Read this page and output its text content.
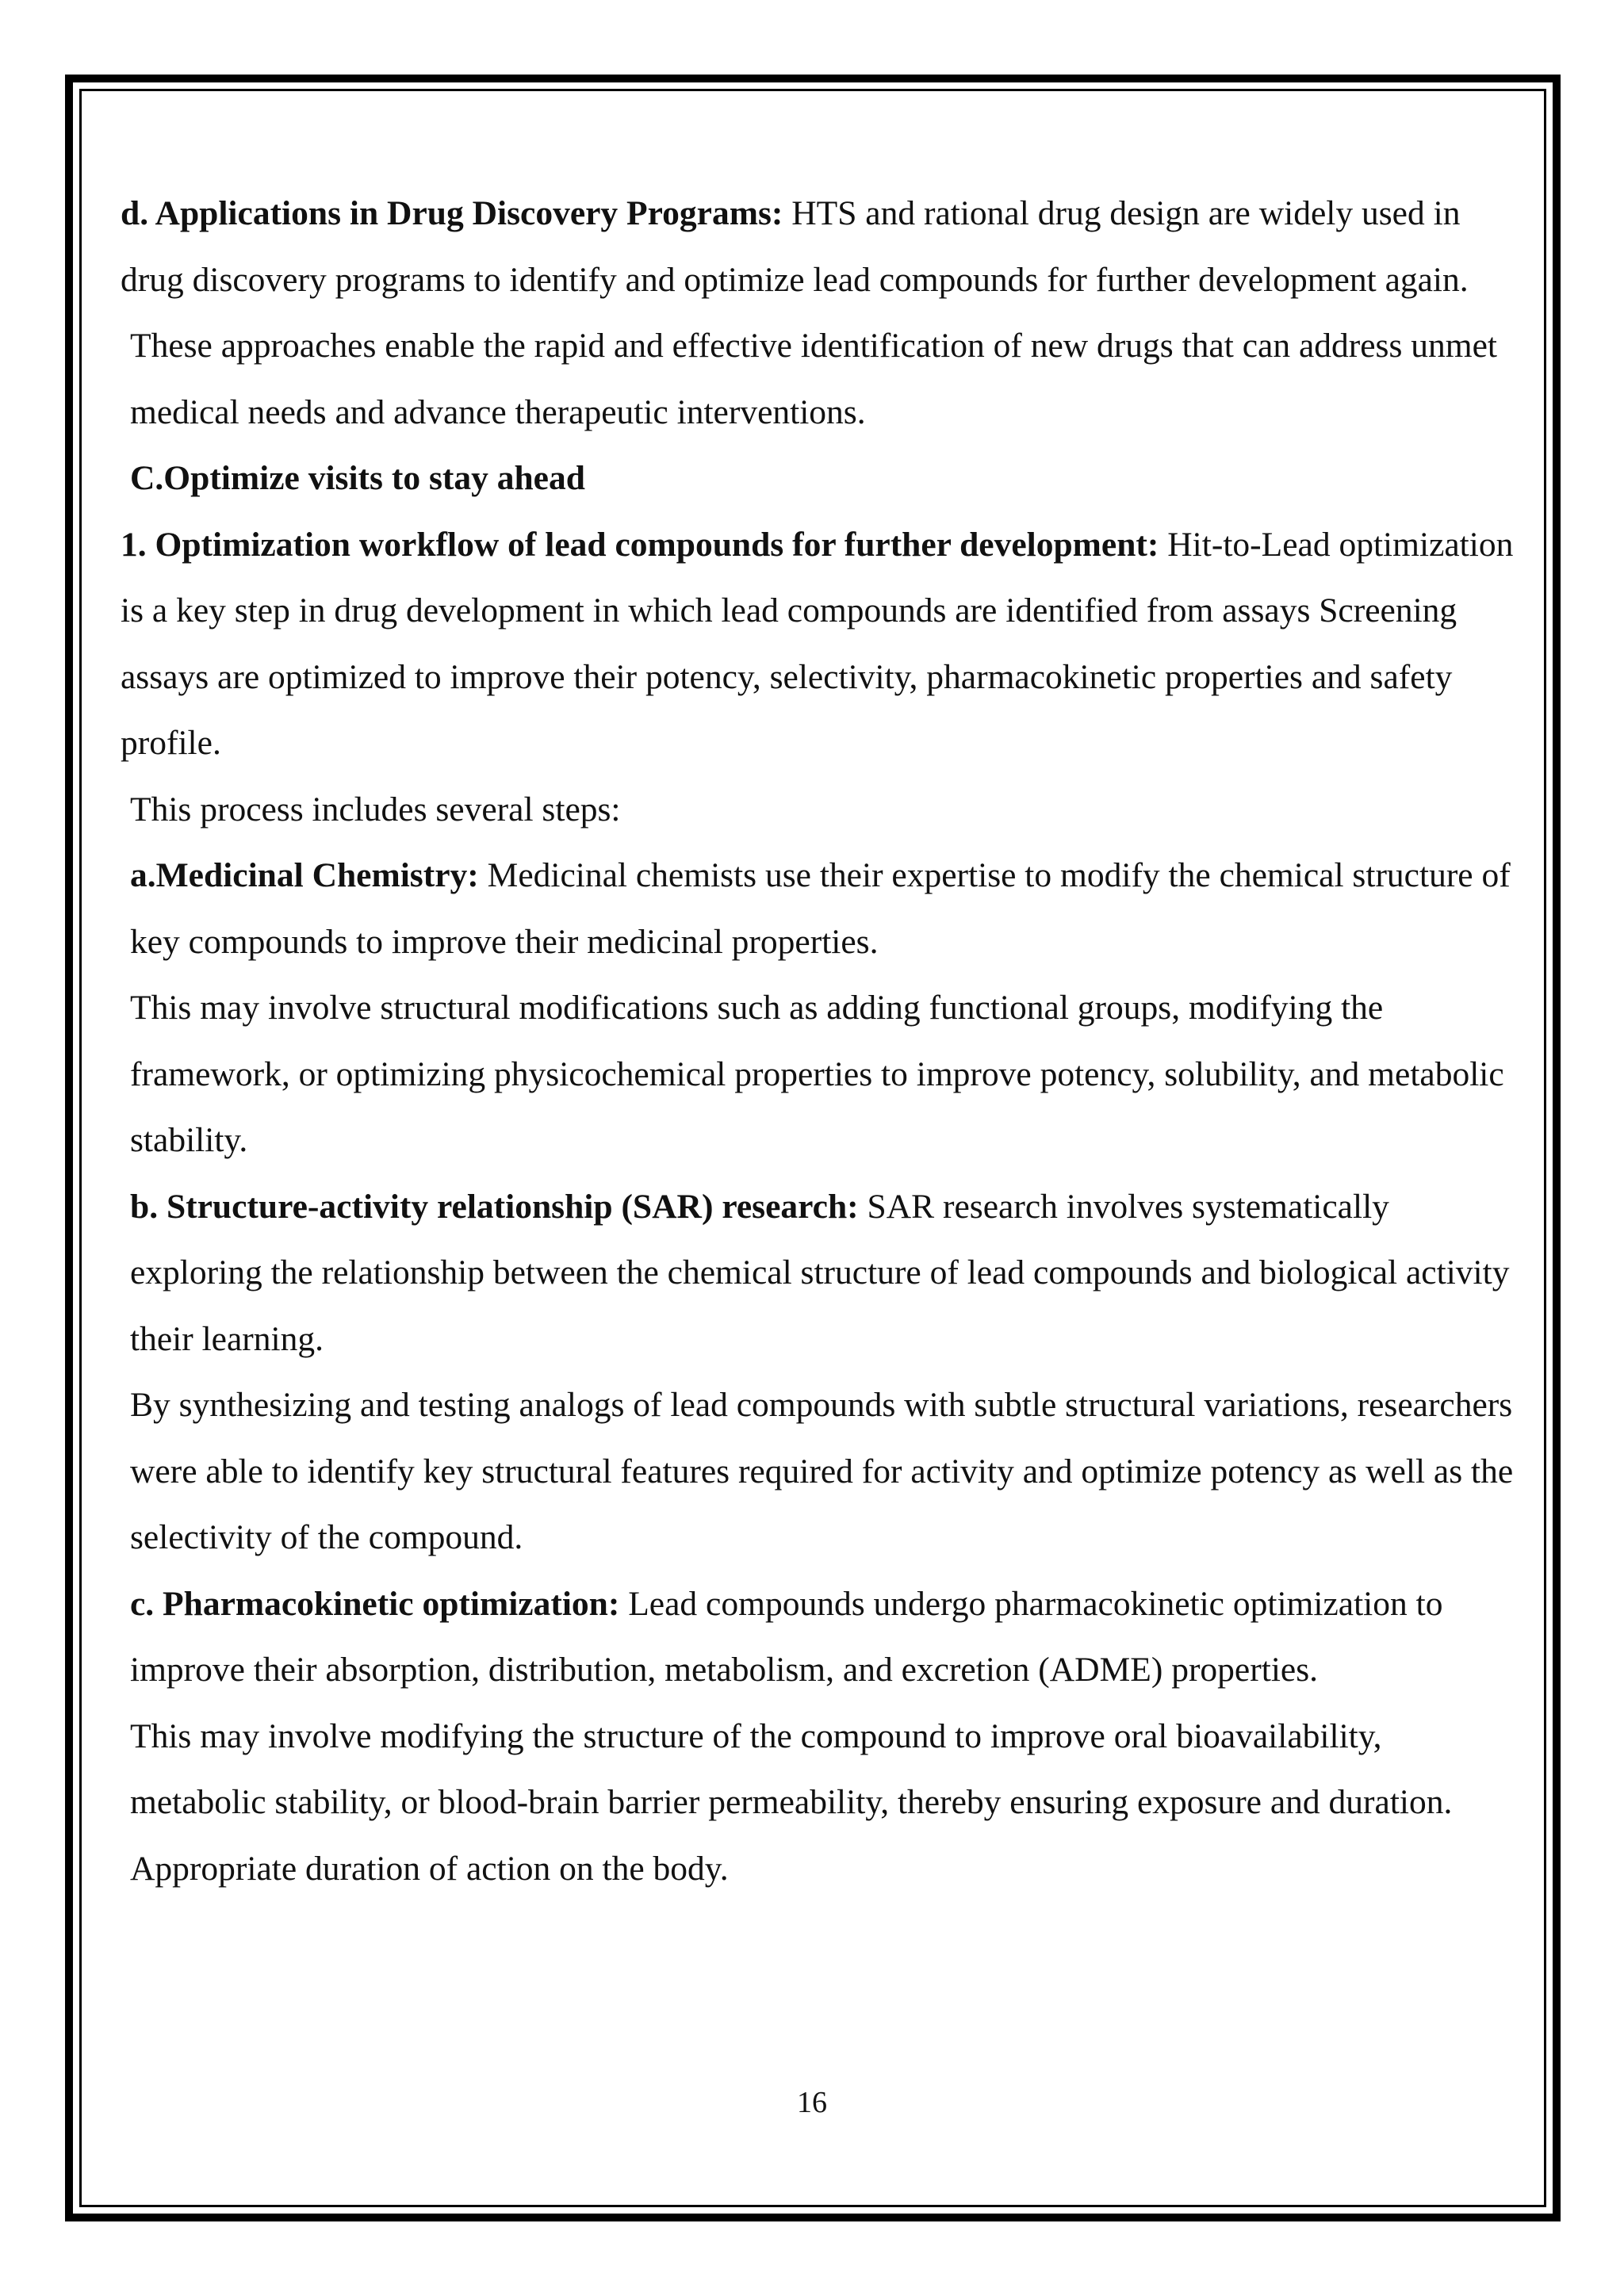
d. Applications in Drug Discovery Programs: HTS and rational drug design are widely used in drug discovery programs to identify and optimize lead compounds for further development again.

These approaches enable the rapid and effective identification of new drugs that can address unmet medical needs and advance therapeutic interventions.

C.Optimize visits to stay ahead

1. Optimization workflow of lead compounds for further development: Hit-to-Lead optimization is a key step in drug development in which lead compounds are identified from assays Screening assays are optimized to improve their potency, selectivity, pharmacokinetic properties and safety profile.

This process includes several steps:

a.Medicinal Chemistry: Medicinal chemists use their expertise to modify the chemical structure of key compounds to improve their medicinal properties.

This may involve structural modifications such as adding functional groups, modifying the framework, or optimizing physicochemical properties to improve potency, solubility, and metabolic stability.

b. Structure-activity relationship (SAR) research: SAR research involves systematically exploring the relationship between the chemical structure of lead compounds and biological activity their learning.

By synthesizing and testing analogs of lead compounds with subtle structural variations, researchers were able to identify key structural features required for activity and optimize potency as well as the selectivity of the compound.

c. Pharmacokinetic optimization: Lead compounds undergo pharmacokinetic optimization to improve their absorption, distribution, metabolism, and excretion (ADME) properties.

This may involve modifying the structure of the compound to improve oral bioavailability, metabolic stability, or blood-brain barrier permeability, thereby ensuring exposure and duration.

Appropriate duration of action on the body.

16
